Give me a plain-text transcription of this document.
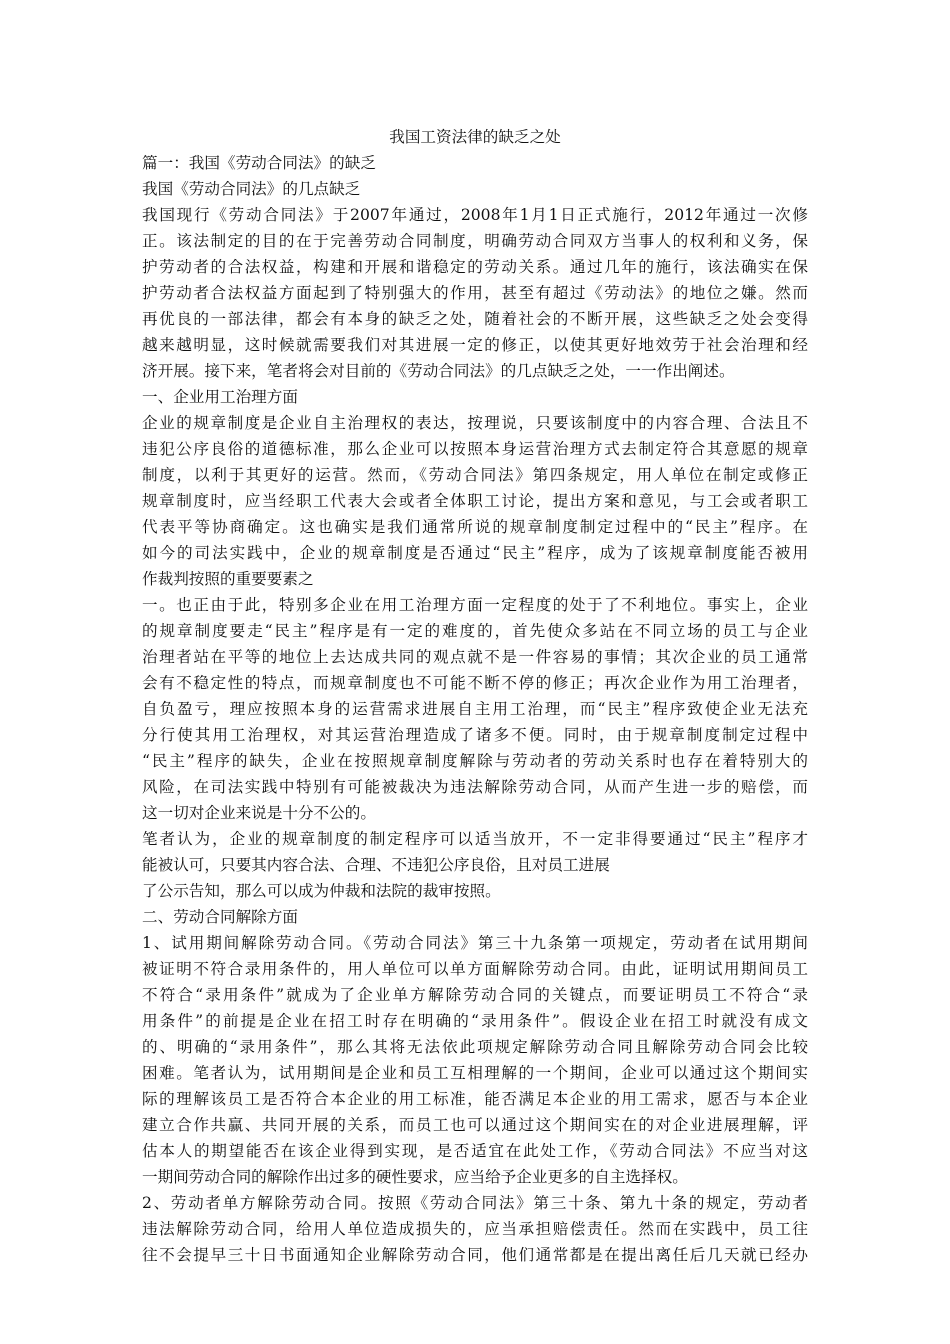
我国工资法律的缺乏之处

篇一：我国《劳动合同法》的缺乏

我国《劳动合同法》的几点缺乏

我国现行《劳动合同法》于2007年通过，2008年1月1日正式施行，2012年通过一次修
正。该法制定的目的在于完善劳动合同制度，明确劳动合同双方当事人的权利和义务，保
护劳动者的合法权益，构建和开展和谐稳定的劳动关系。通过几年的施行，该法确实在保
护劳动者合法权益方面起到了特别强大的作用，甚至有超过《劳动法》的地位之嫌。然而
再优良的一部法律，都会有本身的缺乏之处，随着社会的不断开展，这些缺乏之处会变得
越来越明显，这时候就需要我们对其进展一定的修正，以使其更好地效劳于社会治理和经
济开展。接下来，笔者将会对目前的《劳动合同法》的几点缺乏之处，一一作出阐述。
一、企业用工治理方面
企业的规章制度是企业自主治理权的表达，按理说，只要该制度中的内容合理、合法且不
违犯公序良俗的道德标准，那么企业可以按照本身运营治理方式去制定符合其意愿的规章
制度，以利于其更好的运营。然而，《劳动合同法》第四条规定，用人单位在制定或修正
规章制度时，应当经职工代表大会或者全体职工讨论，提出方案和意见，与工会或者职工
代表平等协商确定。这也确实是我们通常所说的规章制度制定过程中的“民主”程序。在
如今的司法实践中，企业的规章制度是否通过“民主”程序，成为了该规章制度能否被用
作裁判按照的重要要素之
一。也正由于此，特别多企业在用工治理方面一定程度的处于了不利地位。事实上，企业
的规章制度要走“民主”程序是有一定的难度的，首先使众多站在不同立场的员工与企业
治理者站在平等的地位上去达成共同的观点就不是一件容易的事情；其次企业的员工通常
会有不稳定性的特点，而规章制度也不可能不断不停的修正；再次企业作为用工治理者，
自负盈亏，理应按照本身的运营需求进展自主用工治理，而“民主”程序致使企业无法充
分行使其用工治理权，对其运营治理造成了诸多不便。同时，由于规章制度制定过程中
“民主”程序的缺失，企业在按照规章制度解除与劳动者的劳动关系时也存在着特别大的
风险，在司法实践中特别有可能被裁决为违法解除劳动合同，从而产生进一步的赔偿，而
这一切对企业来说是十分不公的。
笔者认为，企业的规章制度的制定程序可以适当放开，不一定非得要通过“民主”程序才
能被认可，只要其内容合法、合理、不违犯公序良俗，且对员工进展
了公示告知，那么可以成为仲裁和法院的裁审按照。
二、劳动合同解除方面
1、试用期间解除劳动合同。《劳动合同法》第三十九条第一项规定，劳动者在试用期间
被证明不符合录用条件的，用人单位可以单方面解除劳动合同。由此，证明试用期间员工
不符合“录用条件”就成为了企业单方解除劳动合同的关键点，而要证明员工不符合“录
用条件”的前提是企业在招工时存在明确的“录用条件”。假设企业在招工时就没有成文
的、明确的“录用条件”，那么其将无法依此项规定解除劳动合同且解除劳动合同会比较
困难。笔者认为，试用期间是企业和员工互相理解的一个期间，企业可以通过这个期间实
际的理解该员工是否符合本企业的用工标准，能否满足本企业的用工需求，愿否与本企业
建立合作共赢、共同开展的关系，而员工也可以通过这个期间实在的对企业进展理解，评
估本人的期望能否在该企业得到实现，是否适宜在此处工作，《劳动合同法》不应当对这
一期间劳动合同的解除作出过多的硬性要求，应当给予企业更多的自主选择权。
2、劳动者单方解除劳动合同。按照《劳动合同法》第三十条、第九十条的规定，劳动者
违法解除劳动合同，给用人单位造成损失的，应当承担赔偿责任。然而在实践中，员工往
往不会提早三十日书面通知企业解除劳动合同，他们通常都是在提出离任后几天就已经办
